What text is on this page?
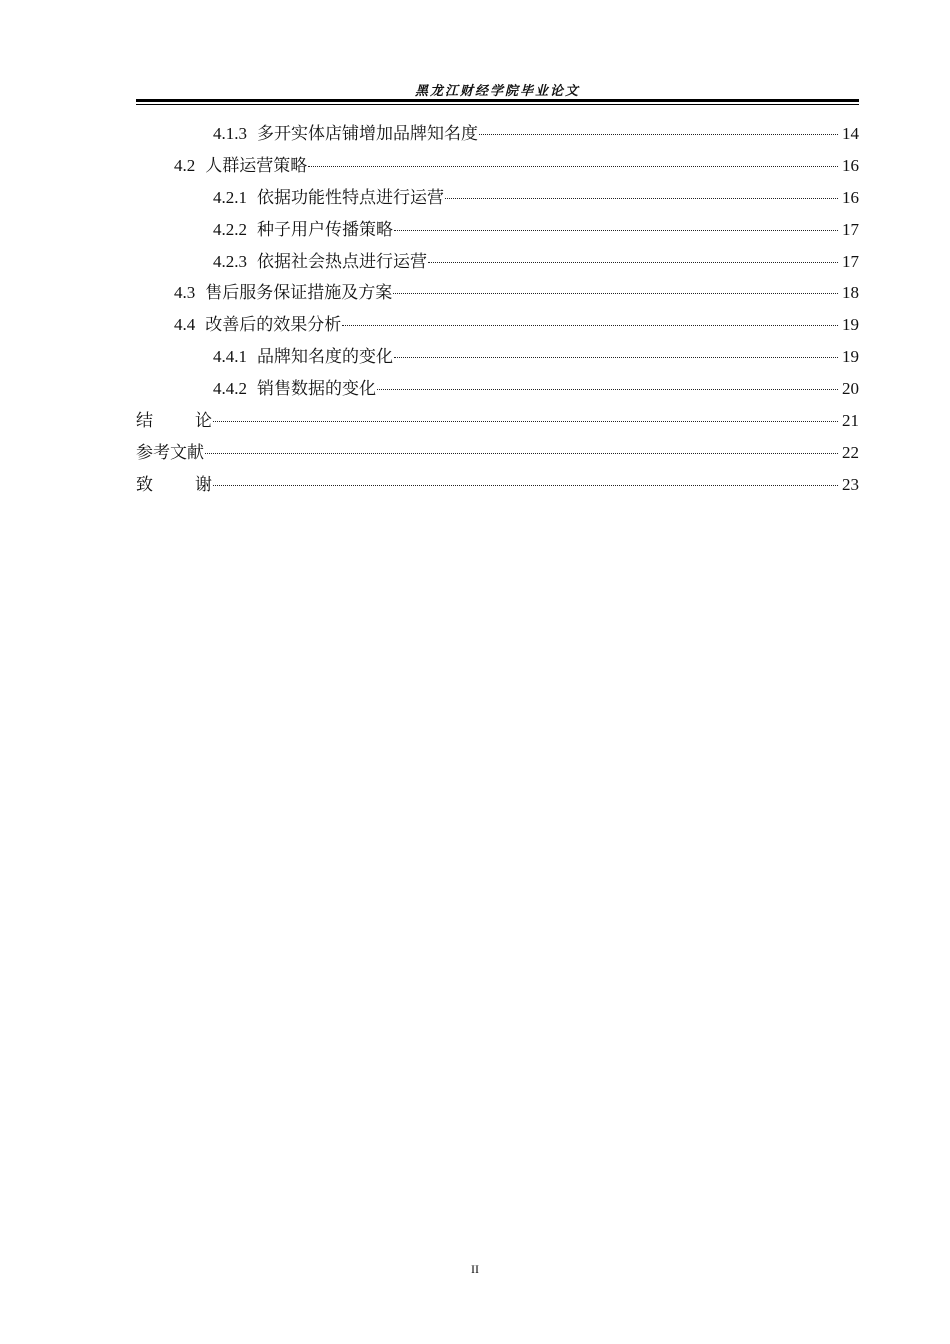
黑龙江财经学院毕业论文
4.1.3 多开实体店铺增加品牌知名度	14
4.2 人群运营策略	16
4.2.1 依据功能性特点进行运营	16
4.2.2 种子用户传播策略	17
4.2.3 依据社会热点进行运营	17
4.3 售后服务保证措施及方案	18
4.4 改善后的效果分析	19
4.4.1 品牌知名度的变化	19
4.4.2 销售数据的变化	20
结 论	21
参考文献	22
致 谢	23
II
